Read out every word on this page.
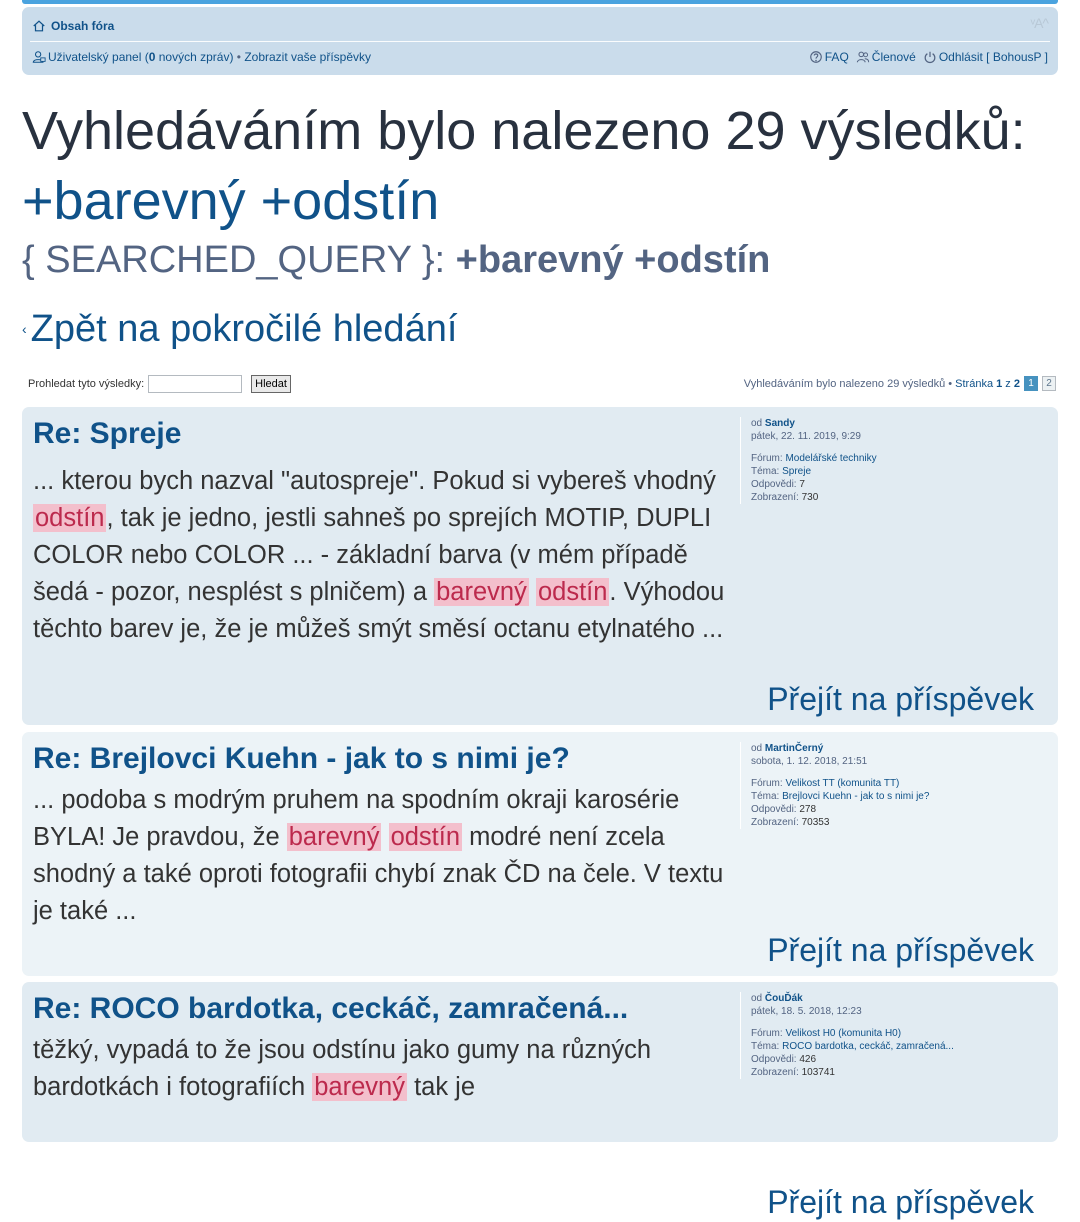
Obsah fóra	ᵛA^
Uživatelský panel (0 nových zpráv) • Zobrazit vaše příspěvky	FAQ Členové Odhlásit [ BohousP ]
Vyhledáváním bylo nalezeno 29 výsledků: +barevný +odstín
{ SEARCHED_QUERY }: +barevný +odstín
‹ Zpět na pokročilé hledání
Prohledat tyto výsledky:	Hledat	Vyhledáváním bylo nalezeno 29 výsledků • Stránka 1 z 2 1	2
Re: Spreje
... kterou bych nazval "autospreje". Pokud si vybereš vhodný odstín, tak je jedno, jestli sahneš po sprejích MOTIP, DUPLI COLOR nebo COLOR ... - základní barva (v mém případě šedá - pozor, nesplést s plničem) a barevný odstín. Výhodou těchto barev je, že je můžeš smýt směsí octanu etylnatého ...
Přejít na příspěvek
od Sandy
pátek, 22. 11. 2019, 9:29
Fórum: Modelářské techniky
Téma: Spreje
Odpovědi: 7
Zobrazení: 730
Re: Brejlovci Kuehn - jak to s nimi je?
... podoba s modrým pruhem na spodním okraji karosérie BYLA! Je pravdou, že barevný odstín modré není zcela shodný a také oproti fotografii chybí znak ČD na čele. V textu je také ...
Přejít na příspěvek
od MartinČerný
sobota, 1. 12. 2018, 21:51
Fórum: Velikost TT (komunita TT)
Téma: Brejlovci Kuehn - jak to s nimi je?
Odpovědi: 278
Zobrazení: 70353
Re: ROCO bardotka, ceckáč, zamračená...
těžký, vypadá to že jsou odstínu jako gumy na různých bardotkách i fotografiích barevný tak je
Přejít na příspěvek
od ČouĎák
pátek, 18. 5. 2018, 12:23
Fórum: Velikost H0 (komunita H0)
Téma: ROCO bardotka, ceckáč, zamračená...
Odpovědi: 426
Zobrazení: 103741
